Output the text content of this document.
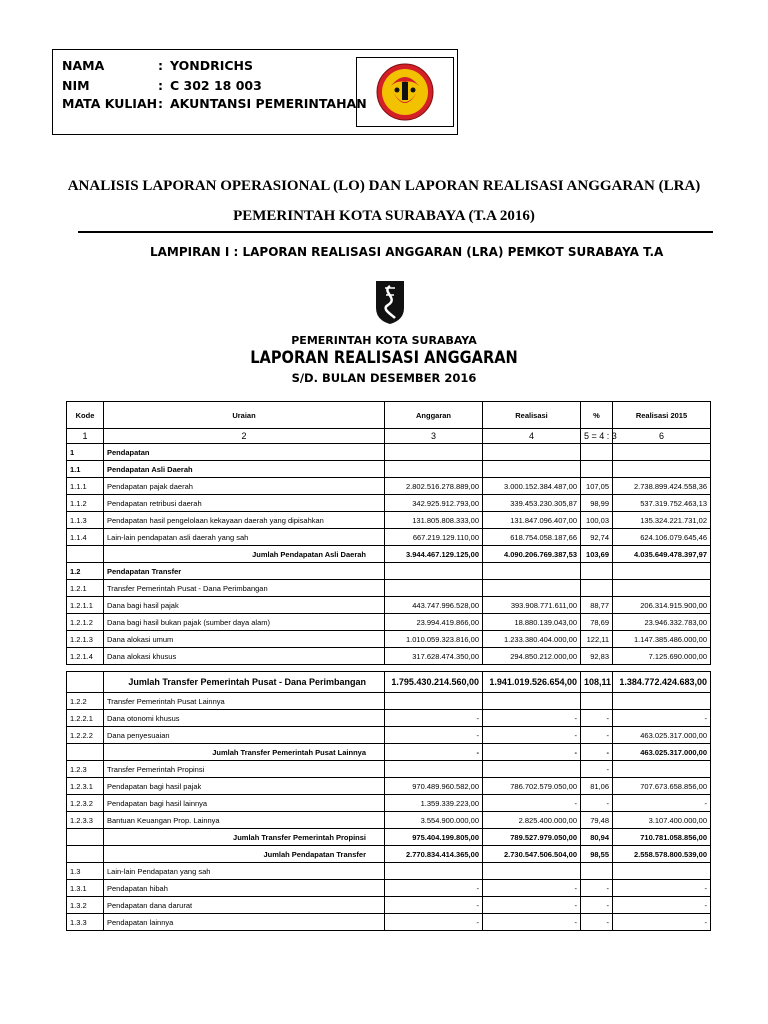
NAMA	: YONDRICHS
NIM	: C 302 18 003
MATA KULIAH: AKUNTANSI PEMERINTAHAN
ANALISIS LAPORAN OPERASIONAL (LO) DAN LAPORAN REALISASI ANGGARAN (LRA)
PEMERINTAH KOTA SURABAYA (T.A 2016)
LAMPIRAN I : LAPORAN REALISASI ANGGARAN (LRA) PEMKOT SURABAYA T.A
PEMERINTAH KOTA SURABAYA
LAPORAN REALISASI ANGGARAN
S/D. BULAN DESEMBER 2016
Kode	Uraian	Anggaran	Realisasi	%	Realisasi 2015
1	2	3	4	5 = 4 : 3	6
1	Pendapatan				
1.1	Pendapatan Asli Daerah				
1.1.1	Pendapatan pajak daerah	2.802.516.278.889,00	3.000.152.384.487,00	107,05	2.738.899.424.558,36
1.1.2	Pendapatan retribusi daerah	342.925.912.793,00	339.453.230.305,87	98,99	537.319.752.463,13
1.1.3	Pendapatan hasil pengelolaan kekayaan daerah yang dipisahkan	131.805.808.333,00	131.847.096.407,00	100,03	135.324.221.731,02
1.1.4	Lain-lain pendapatan asli daerah yang sah	667.219.129.110,00	618.754.058.187,66	92,74	624.106.079.645,46
	Jumlah Pendapatan Asli Daerah	3.944.467.129.125,00	4.090.206.769.387,53	103,69	4.035.649.478.397,97
1.2	Pendapatan Transfer				
1.2.1	Transfer Pemerintah Pusat - Dana Perimbangan				
1.2.1.1	Dana bagi hasil pajak	443.747.996.528,00	393.908.771.611,00	88,77	206.314.915.900,00
1.2.1.2	Dana bagi hasil bukan pajak (sumber daya alam)	23.994.419.866,00	18.880.139.043,00	78,69	23.946.332.783,00
1.2.1.3	Dana alokasi umum	1.010.059.323.816,00	1.233.380.404.000,00	122,11	1.147.385.486.000,00
1.2.1.4	Dana alokasi khusus	317.628.474.350,00	294.850.212.000,00	92,83	7.125.690.000,00

	Jumlah Transfer Pemerintah Pusat - Dana Perimbangan	1.795.430.214.560,00	1.941.019.526.654,00	108,11	1.384.772.424.683,00
1.2.2	Transfer Pemerintah Pusat Lainnya				
1.2.2.1	Dana otonomi khusus	-	-	-	-
1.2.2.2	Dana penyesuaian	-	-	-	463.025.317.000,00
	Jumlah Transfer Pemerintah Pusat Lainnya	-	-	-	463.025.317.000,00
1.2.3	Transfer Pemerintah Propinsi			-	
1.2.3.1	Pendapatan bagi hasil pajak	970.489.960.582,00	786.702.579.050,00	81,06	707.673.658.856,00
1.2.3.2	Pendapatan bagi hasil lainnya	1.359.339.223,00	-	-	-
1.2.3.3	Bantuan Keuangan Prop. Lainnya	3.554.900.000,00	2.825.400.000,00	79,48	3.107.400.000,00
	Jumlah Transfer Pemerintah Propinsi	975.404.199.805,00	789.527.979.050,00	80,94	710.781.058.856,00
	Jumlah Pendapatan Transfer	2.770.834.414.365,00	2.730.547.506.504,00	98,55	2.558.578.800.539,00
1.3	Lain-lain Pendapatan yang sah				
1.3.1	Pendapatan hibah	-	-	-	-
1.3.2	Pendapatan dana darurat	-	-	-	-
1.3.3	Pendapatan lainnya	-	-	-	-
